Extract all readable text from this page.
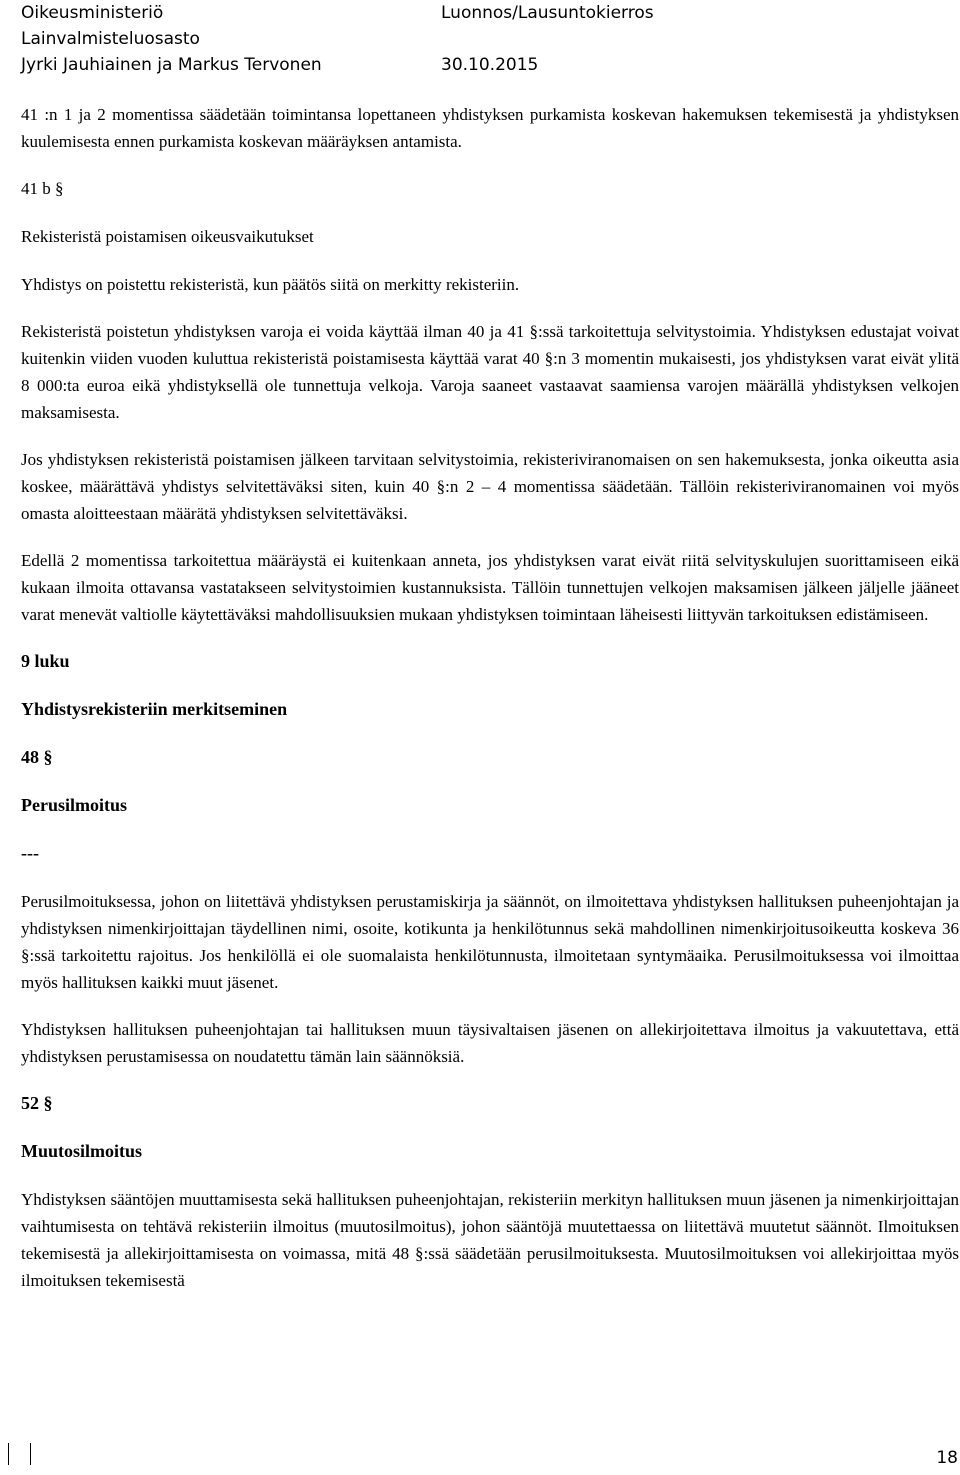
Oikeusministeriö	Luonnos/Lausuntokierros
Lainvalmisteluosasto
Jyrki Jauhiainen ja Markus Tervonen	30.10.2015

41 :n 1 ja 2 momentissa säädetään toimintansa lopettaneen yhdistyksen purkamista koskevan hakemuksen tekemisestä ja yhdistyksen kuulemisesta ennen purkamista koskevan määräyksen antamista.

41 b §

Rekisteristä poistamisen oikeusvaikutukset

Yhdistys on poistettu rekisteristä, kun päätös siitä on merkitty rekisteriin.

Rekisteristä poistetun yhdistyksen varoja ei voida käyttää ilman 40 ja 41 §:ssä tarkoitettuja selvitystoimia. Yhdistyksen edustajat voivat kuitenkin viiden vuoden kuluttua rekisteristä poistamisesta käyttää varat 40 §:n 3 momentin mukaisesti, jos yhdistyksen varat eivät ylitä 8 000:ta euroa eikä yhdistyksellä ole tunnettuja velkoja. Varoja saaneet vastaavat saamiensa varojen määrällä yhdistyksen velkojen maksamisesta.

Jos yhdistyksen rekisteristä poistamisen jälkeen tarvitaan selvitystoimia, rekisteriviranomaisen on sen hakemuksesta, jonka oikeutta asia koskee, määrättävä yhdistys selvitettäväksi siten, kuin 40 §:n 2 – 4 momentissa säädetään. Tällöin rekisteriviranomainen voi myös omasta aloitteestaan määrätä yhdistyksen selvitettäväksi.

Edellä 2 momentissa tarkoitettua määräystä ei kuitenkaan anneta, jos yhdistyksen varat eivät riitä selvityskulujen suorittamiseen eikä kukaan ilmoita ottavansa vastatakseen selvitystoimien kustannuksista. Tällöin tunnettujen velkojen maksamisen jälkeen jäljelle jääneet varat menevät valtiolle käytettäväksi mahdollisuuksien mukaan yhdistyksen toimintaan läheisesti liittyvän tarkoituksen edistämiseen.

9 luku

Yhdistysrekisteriin merkitseminen

48 §

Perusilmoitus

---

Perusilmoituksessa, johon on liitettävä yhdistyksen perustamiskirja ja säännöt, on ilmoitettava yhdistyksen hallituksen puheenjohtajan ja yhdistyksen nimenkirjoittajan täydellinen nimi, osoite, kotikunta ja henkilötunnus sekä mahdollinen nimenkirjoitusoikeutta koskeva 36 §:ssä tarkoitettu rajoitus. Jos henkilöllä ei ole suomalaista henkilötunnusta, ilmoitetaan syntymäaika. Perusilmoituksessa voi ilmoittaa myös hallituksen kaikki muut jäsenet.

Yhdistyksen hallituksen puheenjohtajan tai hallituksen muun täysivaltaisen jäsenen on allekirjoitettava ilmoitus ja vakuutettava, että yhdistyksen perustamisessa on noudatettu tämän lain säännöksiä.

52 §

Muutosilmoitus

Yhdistyksen sääntöjen muuttamisesta sekä hallituksen puheenjohtajan, rekisteriin merkityn hallituksen muun jäsenen ja nimenkirjoittajan vaihtumisesta on tehtävä rekisteriin ilmoitus (muutosilmoitus), johon sääntöjä muutettaessa on liitettävä muutetut säännöt. Ilmoituksen tekemisestä ja allekirjoittamisesta on voimassa, mitä 48 §:ssä säädetään perusilmoituksesta. Muutosilmoituksen voi allekirjoittaa myös ilmoituksen tekemisestä

18
